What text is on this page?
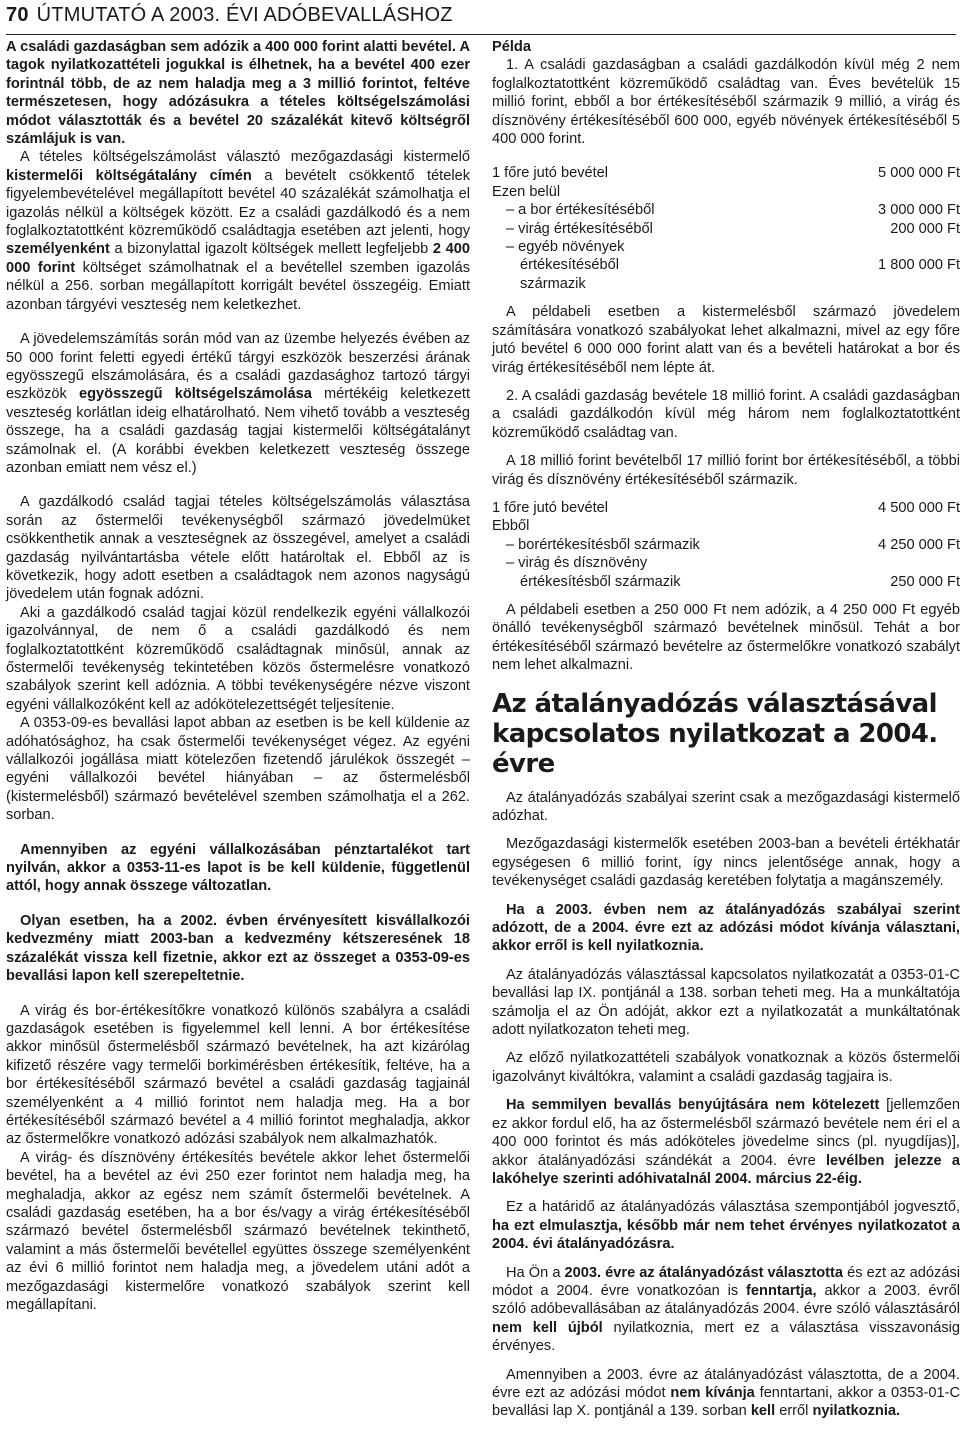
70 ÚTMUTATÓ A 2003. ÉVI ADÓBEVALLÁSHOZ

A családi gazdaságban sem adózik a 400 000 forint alatti bevétel. A tagok nyilatkozattételi jogukkal is élhetnek, ha a bevétel 400 ezer forintnál több, de az nem haladja meg a 3 millió forintot, feltéve természetesen, hogy adózásukra a tételes költségelszámolási módot választották és a bevétel 20 százalékát kitevő költségről számlájuk is van.

A tételes költségelszámolást választó mezőgazdasági kistermelő kistermelői költségátalány címén a bevételt csökkentő tételek figyelembevételével megállapított bevétel 40 százalékát számolhatja el igazolás nélkül a költségek között. Ez a családi gazdálkodó és a nem foglalkoztatottként közreműködő családtagja esetében azt jelenti, hogy személyenként a bizonylattal igazolt költségek mellett legfeljebb 2 400 000 forint költséget számolhatnak el a bevétellel szemben igazolás nélkül a 256. sorban megállapított korrigált bevétel összegéig. Emiatt azonban tárgyévi veszteség nem keletkezhet.

A jövedelemszámítás során mód van az üzembe helyezés évében az 50 000 forint feletti egyedi értékű tárgyi eszközök beszerzési árának egyösszegű elszámolására, és a családi gazdasághoz tartozó tárgyi eszközök egyösszegű költségelszámolása mértékéig keletkezett veszteség korlátlan ideig elhatárolható. Nem vihető tovább a veszteség összege, ha a családi gazdaság tagjai kistermelői költségátalányt számolnak el. (A korábbi években keletkezett veszteség összege azonban emiatt nem vész el.)

A gazdálkodó család tagjai tételes költségelszámolás választása során az őstermelői tevékenységből származó jövedelmüket csökkenthetik annak a veszteségnek az összegével, amelyet a családi gazdaság nyilvántartásba vétele előtt határoltak el. Ebből az is következik, hogy adott esetben a családtagok nem azonos nagyságú jövedelem után fognak adózni.

Aki a gazdálkodó család tagjai közül rendelkezik egyéni vállalkozói igazolvánnyal, de nem ő a családi gazdálkodó és nem foglalkoztatottként közreműködő családtagnak minősül, annak az őstermelői tevékenység tekintetében közös őstermelésre vonatkozó szabályok szerint kell adóznia. A többi tevékenységére nézve viszont egyéni vállalkozóként kell az adókötelezettségét teljesítenie.

A 0353-09-es bevallási lapot abban az esetben is be kell küldenie az adóhatósághoz, ha csak őstermelői tevékenységet végez. Az egyéni vállalkozói jogállása miatt kötelezően fizetendő járulékok összegét – egyéni vállalkozói bevétel hiányában – az őstermelésből (kistermelésből) származó bevételével szemben számolhatja el a 262. sorban.

Amennyiben az egyéni vállalkozásában pénztartalékot tart nyilván, akkor a 0353-11-es lapot is be kell küldenie, függetlenül attól, hogy annak összege változatlan.

Olyan esetben, ha a 2002. évben érvényesített kisvállalkozói kedvezmény miatt 2003-ban a kedvezmény kétszeresének 18 százalékát vissza kell fizetnie, akkor ezt az összeget a 0353-09-es bevallási lapon kell szerepeltetnie.

A virág és bor-értékesítőkre vonatkozó különös szabályra a családi gazdaságok esetében is figyelemmel kell lenni. A bor értékesítése akkor minősül őstermelésből származó bevételnek, ha azt kizárólag kifizető részére vagy termelői borkimérésben értékesítik, feltéve, ha a bor értékesítéséből származó bevétel a családi gazdaság tagjainál személyenként a 4 millió forintot nem haladja meg. Ha a bor értékesítéséből származó bevétel a 4 millió forintot meghaladja, akkor az őstermelőkre vonatkozó adózási szabályok nem alkalmazhatók.

A virág- és dísznövény értékesítés bevétele akkor lehet őstermelői bevétel, ha a bevétel az évi 250 ezer forintot nem haladja meg, ha meghaladja, akkor az egész nem számít őstermelői bevételnek. A családi gazdaság esetében, ha a bor és/vagy a virág értékesítéséből származó bevétel őstermelésből származó bevételnek tekinthető, valamint a más őstermelői bevétellel együttes összege személyenként az évi 6 millió forintot nem haladja meg, a jövedelem utáni adót a mezőgazdasági kistermelőre vonatkozó szabályok szerint kell megállapítani.

Példa

1. A családi gazdaságban a családi gazdálkodón kívül még 2 nem foglalkoztatottként közreműködő családtag van. Éves bevételük 15 millió forint, ebből a bor értékesítéséből származik 9 millió, a virág és dísznövény értékesítéséből 600 000, egyéb növények értékesítéséből 5 400 000 forint.

1 főre jutó bevétel	5 000 000 Ft
Ezen belül	
– a bor értékesítéséből	3 000 000 Ft
– virág értékesítéséből	200 000 Ft
– egyéb növények	
értékesítéséből	1 800 000 Ft
származik	

A példabeli esetben a kistermelésből származó jövedelem számítására vonatkozó szabályokat lehet alkalmazni, mivel az egy főre jutó bevétel 6 000 000 forint alatt van és a bevételi határokat a bor és virág értékesítéséből nem lépte át.

2. A családi gazdaság bevétele 18 millió forint. A családi gazdaságban a családi gazdálkodón kívül még három nem foglalkoztatottként közreműködő családtag van.

A 18 millió forint bevételből 17 millió forint bor értékesítéséből, a többi virág és dísznövény értékesítéséből származik.

1 főre jutó bevétel	4 500 000 Ft
Ebből	
– borértékesítésből származik	4 250 000 Ft
– virág és dísznövény	
értékesítésből származik	250 000 Ft

A példabeli esetben a 250 000 Ft nem adózik, a 4 250 000 Ft egyéb önálló tevékenységből származó bevételnek minősül. Tehát a bor értékesítéséből származó bevételre az őstermelőkre vonatkozó szabályt nem lehet alkalmazni.

Az átalányadózás választásával kapcsolatos nyilatkozat a 2004. évre

Az átalányadózás szabályai szerint csak a mezőgazdasági kistermelő adózhat.

Mezőgazdasági kistermelők esetében 2003-ban a bevételi értékhatár egységesen 6 millió forint, így nincs jelentősége annak, hogy a tevékenységet családi gazdaság keretében folytatja a magánszemély.

Ha a 2003. évben nem az átalányadózás szabályai szerint adózott, de a 2004. évre ezt az adózási módot kívánja választani, akkor erről is kell nyilatkoznia.

Az átalányadózás választással kapcsolatos nyilatkozatát a 0353-01-C bevallási lap IX. pontjánál a 138. sorban teheti meg. Ha a munkáltatója számolja el az Ön adóját, akkor ezt a nyilatkozatát a munkáltatónak adott nyilatkozaton teheti meg.

Az előző nyilatkozattételi szabályok vonatkoznak a közös őstermelői igazolványt kiváltókra, valamint a családi gazdaság tagjaira is.

Ha semmilyen bevallás benyújtására nem kötelezett [jellemzően ez akkor fordul elő, ha az őstermelésből származó bevétele nem éri el a 400 000 forintot és más adóköteles jövedelme sincs (pl. nyugdíjas)], akkor átalányadózási szándékát a 2004. évre levélben jelezze a lakóhelye szerinti adóhivatalnál 2004. március 22-éig.

Ez a határidő az átalányadózás választása szempontjából jogvesztő, ha ezt elmulasztja, később már nem tehet érvényes nyilatkozatot a 2004. évi átalányadózásra.

Ha Ön a 2003. évre az átalányadózást választotta és ezt az adózási módot a 2004. évre vonatkozóan is fenntartja, akkor a 2003. évről szóló adóbevallásában az átalányadózás 2004. évre szóló választásáról nem kell újból nyilatkoznia, mert ez a választása visszavonásig érvényes.

Amennyiben a 2003. évre az átalányadózást választotta, de a 2004. évre ezt az adózási módot nem kívánja fenntartani, akkor a 0353-01-C bevallási lap X. pontjánál a 139. sorban kell erről nyilatkoznia.
